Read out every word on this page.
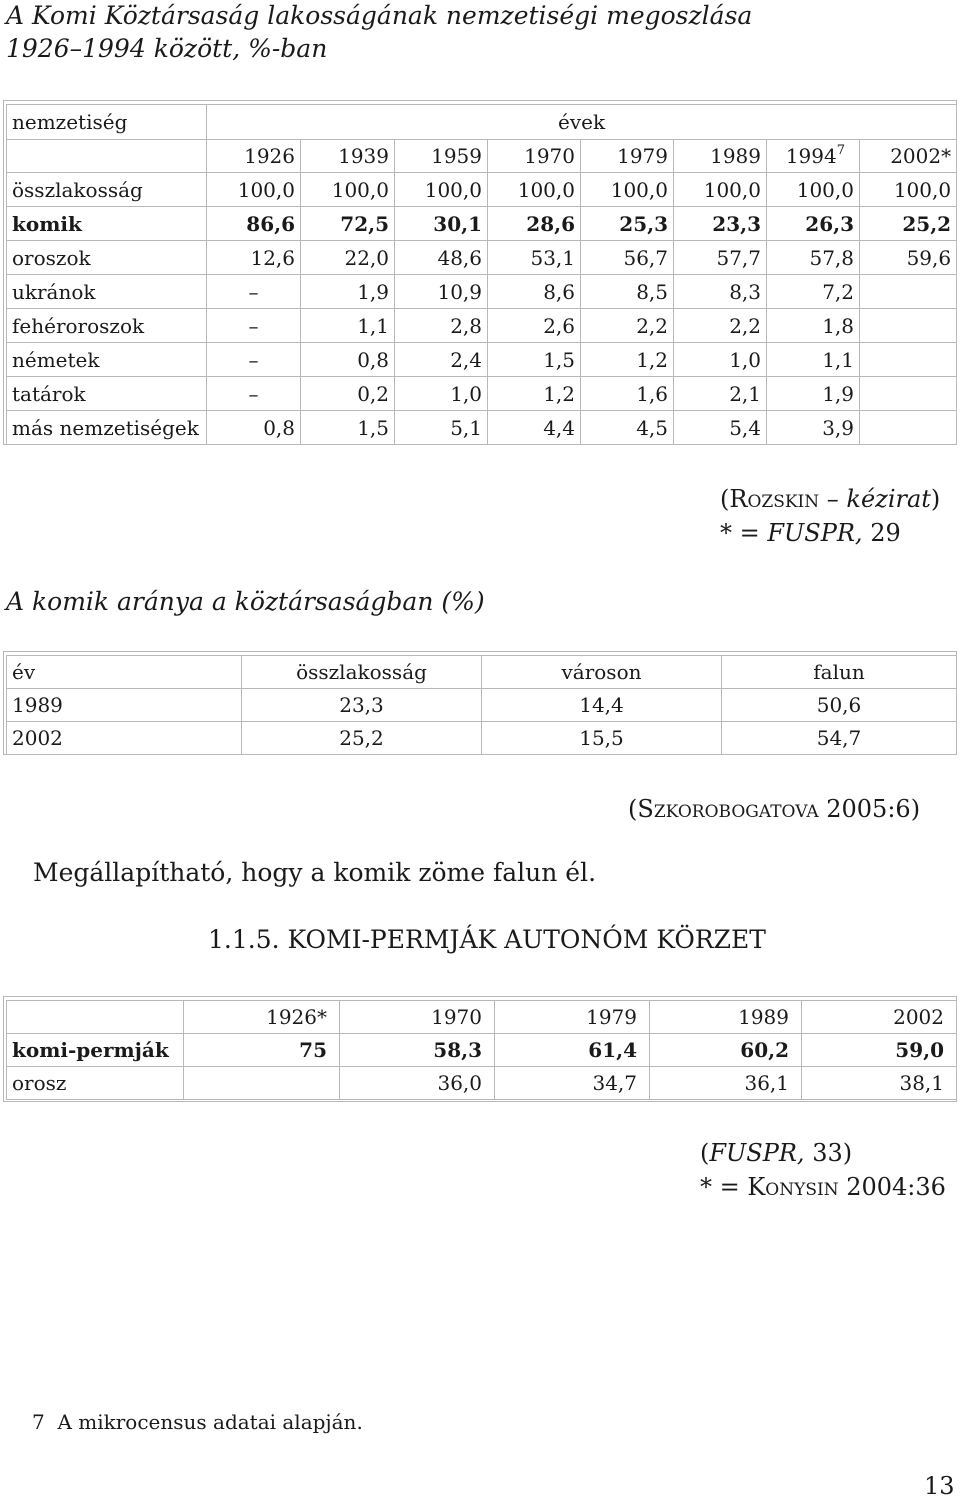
A Komi Köztársaság lakosságának nemzetiségi megoszlása
1926–1994 között, %-ban
nemzetiség	évek							
	1926	1939	1959	1970	1979	1989	1994$^7$	2002*
összlakosság	100,0	100,0	100,0	100,0	100,0	100,0	100,0	100,0
komik	86,6	72,5	30,1	28,6	25,3	23,3	26,3	25,2
oroszok	12,6	22,0	48,6	53,1	56,7	57,7	57,8	59,6
ukránok	–	1,9	10,9	8,6	8,5	8,3	7,2	
fehéroroszok	–	1,1	2,8	2,6	2,2	2,2	1,8	
németek	–	0,8	2,4	1,5	1,2	1,0	1,1	
tatárok	–	0,2	1,0	1,2	1,6	2,1	1,9	
más nemzetiségek	0,8	1,5	5,1	4,4	4,5	5,4	3,9	
(Rozskin – kézirat)
* = FUSPR, 29
A komik aránya a köztársaságban (%)
év	összlakosság	városon	falun
1989	23,3	14,4	50,6
2002	25,2	15,5	54,7
(Szkorobogatova 2005:6)
Megállapítható, hogy a komik zöme falun él.
1.1.5. KOMI-PERMJÁK AUTONÓM KÖRZET
	1926*	1970	1979	1989	2002
komi-permják	75	58,3	61,4	60,2	59,0
orosz		36,0	34,7	36,1	38,1
(FUSPR, 33)
* = Konysin 2004:36
7 A mikrocensus adatai alapján.
13
